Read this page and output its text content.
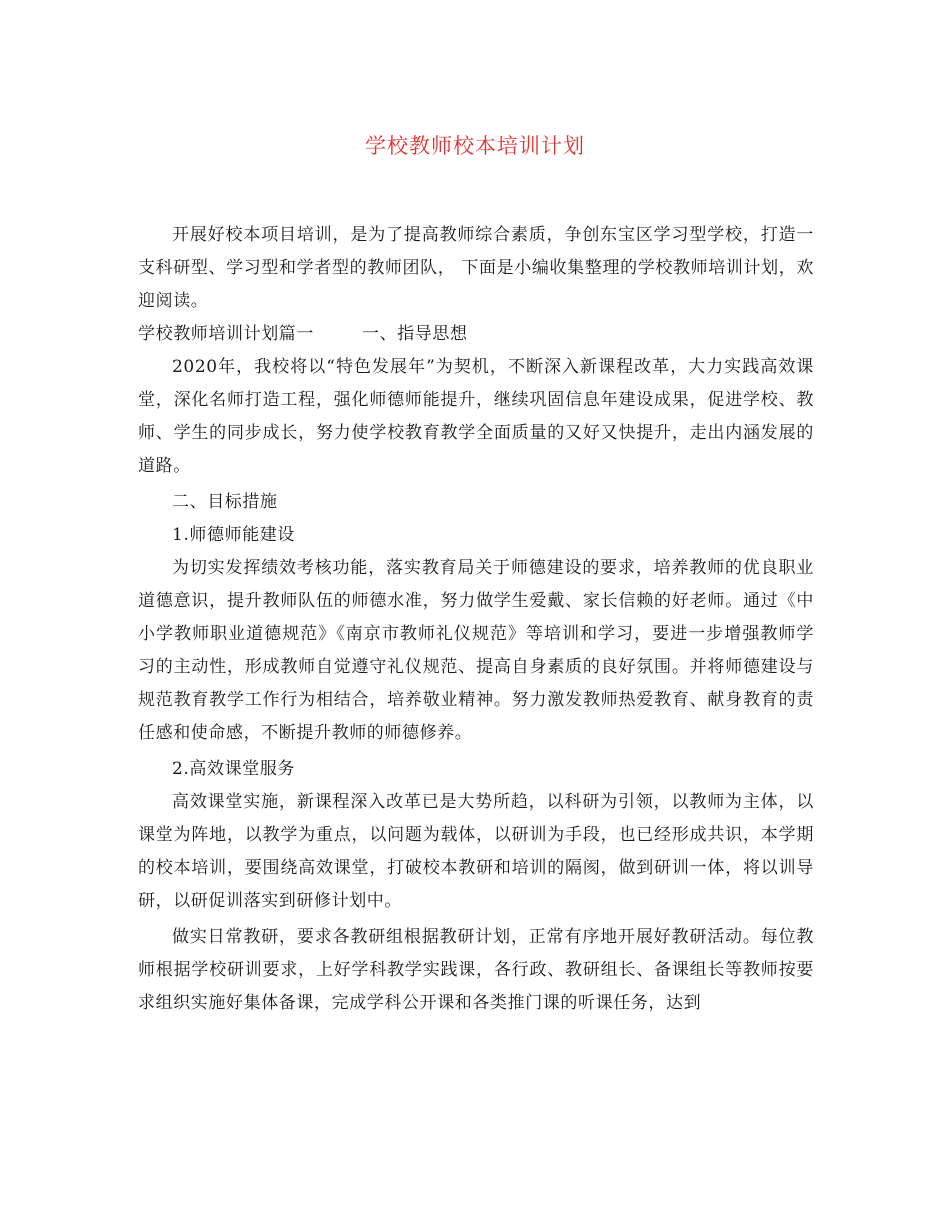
学校教师校本培训计划

开展好校本项目培训，是为了提高教师综合素质，争创东宝区学习型学校，打造一支科研型、学习型和学者型的教师团队， 下面是小编收集整理的学校教师培训计划，欢迎阅读。

学校教师培训计划篇一	一、指导思想

2020年，我校将以“特色发展年”为契机，不断深入新课程改革，大力实践高效课堂，深化名师打造工程，强化师德师能提升，继续巩固信息年建设成果，促进学校、教师、学生的同步成长，努力使学校教育教学全面质量的又好又快提升，走出内涵发展的道路。

二、目标措施

1.师德师能建设

为切实发挥绩效考核功能，落实教育局关于师德建设的要求，培养教师的优良职业道德意识，提升教师队伍的师德水准，努力做学生爱戴、家长信赖的好老师。通过《中小学教师职业道德规范》《南京市教师礼仪规范》等培训和学习，要进一步增强教师学习的主动性，形成教师自觉遵守礼仪规范、提高自身素质的良好氛围。并将师德建设与规范教育教学工作行为相结合，培养敬业精神。努力激发教师热爱教育、献身教育的责任感和使命感，不断提升教师的师德修养。

2.高效课堂服务

高效课堂实施，新课程深入改革已是大势所趋，以科研为引领，以教师为主体，以课堂为阵地，以教学为重点，以问题为载体，以研训为手段，也已经形成共识，本学期的校本培训，要围绕高效课堂，打破校本教研和培训的隔阂，做到研训一体，将以训导研，以研促训落实到研修计划中。

做实日常教研，要求各教研组根据教研计划，正常有序地开展好教研活动。每位教师根据学校研训要求，上好学科教学实践课，各行政、教研组长、备课组长等教师按要求组织实施好集体备课，完成学科公开课和各类推门课的听课任务，达到
